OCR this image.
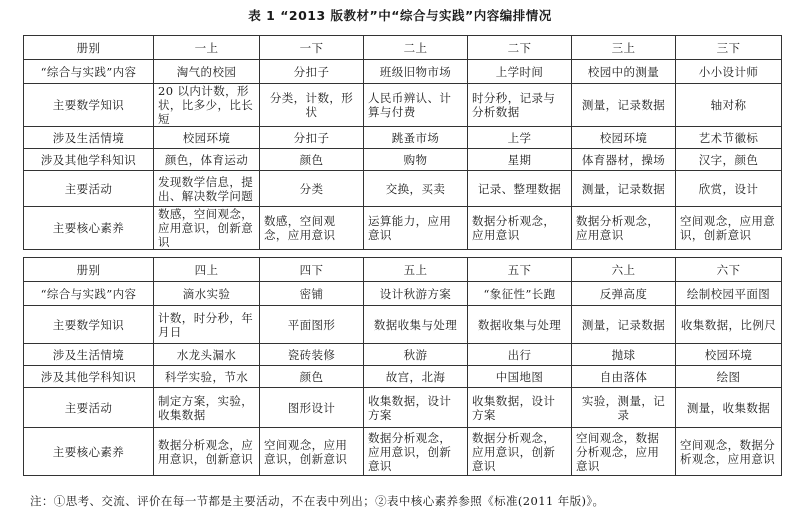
表 1 “2013 版教材”中“综合与实践”内容编排情况
册别	一上	一下	二上	二下	三上	三下
“综合与实践”内容	淘气的校园	分扣子	班级旧物市场	上学时间	校园中的测量	小小设计师
主要数学知识	20 以内计数，形状，比多少，比长短	分类，计数，形状	人民币辨认、计算与付费	时分秒，记录与分析数据	测量，记录数据	轴对称
涉及生活情境	校园环境	分扣子	跳蚤市场	上学	校园环境	艺术节徽标
涉及其他学科知识	颜色，体育运动	颜色	购物	星期	体育器材，操场	汉字，颜色
主要活动	发现数学信息，提出、解决数学问题	分类	交换，买卖	记录、整理数据	测量，记录数据	欣赏，设计
主要核心素养	数感，空间观念，应用意识，创新意识	数感，空间观念，应用意识	运算能力，应用意识	数据分析观念，应用意识	数据分析观念，应用意识	空间观念，应用意识，创新意识
册别	四上	四下	五上	五下	六上	六下
“综合与实践”内容	滴水实验	密铺	设计秋游方案	“象征性”长跑	反弹高度	绘制校园平面图
主要数学知识	计数，时分秒，年月日	平面图形	数据收集与处理	数据收集与处理	测量，记录数据	收集数据，比例尺
涉及生活情境	水龙头漏水	瓷砖装修	秋游	出行	抛球	校园环境
涉及其他学科知识	科学实验，节水	颜色	故宫，北海	中国地图	自由落体	绘图
主要活动	制定方案，实验，收集数据	图形设计	收集数据，设计方案	收集数据，设计方案	实验，测量，记录	测量，收集数据
主要核心素养	数据分析观念，应用意识，创新意识	空间观念，应用意识，创新意识	数据分析观念，应用意识，创新意识	数据分析观念，应用意识，创新意识	空间观念，数据分析观念，应用意识	空间观念，数据分析观念，应用意识
注：①思考、交流、评价在每一节都是主要活动，不在表中列出；②表中核心素养参照《标准(2011 年版)》。
